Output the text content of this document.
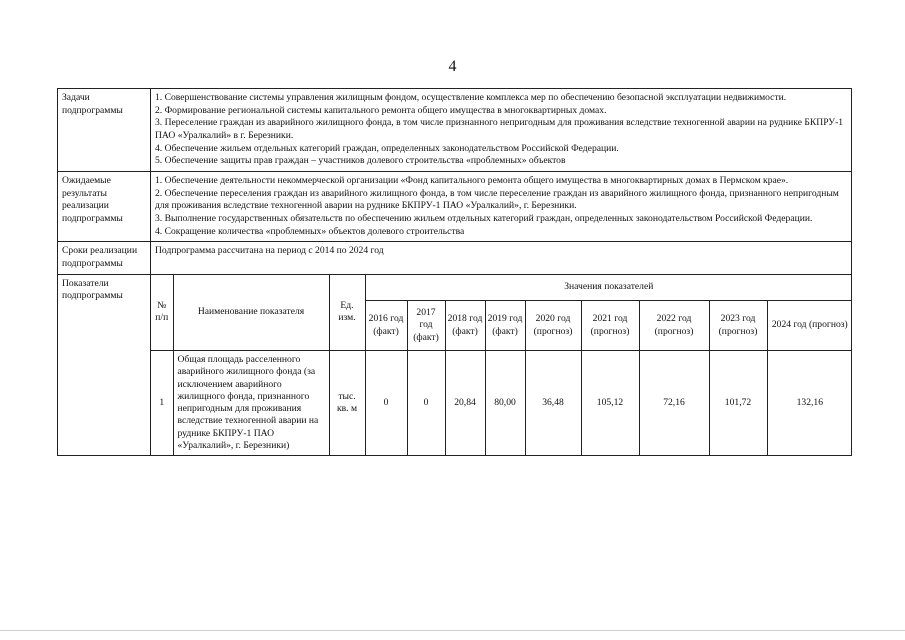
4
Задачи подпрограммы	
1. Совершенствование системы управления жилищным фондом, осуществление комплекса мер по обеспечению безопасной эксплуатации недвижимости.
2. Формирование региональной системы капитального ремонта общего имущества в многоквартирных домах.
3. Переселение граждан из аварийного жилищного фонда, в том числе признанного непригодным для проживания вследствие техногенной аварии на руднике БКПРУ-1 ПАО «Уралкалий» в г. Березники.
4. Обеспечение жильем отдельных категорий граждан, определенных законодательством Российской Федерации.
5. Обеспечение защиты прав граждан – участников долевого строительства «проблемных» объектов

Ожидаемые результаты реализации подпрограммы	
1. Обеспечение деятельности некоммерческой организации «Фонд капитального ремонта общего имущества в многоквартирных домах в Пермском крае».
2. Обеспечение переселения граждан из аварийного жилищного фонда, в том числе переселение граждан из аварийного жилищного фонда, признанного непригодным для проживания вследствие техногенной аварии на руднике БКПРУ-1 ПАО «Уралкалий», г. Березники.
3. Выполнение государственных обязательств по обеспечению жильем отдельных категорий граждан, определенных законодательством Российской Федерации.
4. Сокращение количества «проблемных» объектов долевого строительства

Сроки реализации подпрограммы	Подпрограмма рассчитана на период с 2014 по 2024 год
Показатели подпрограммы	
№ п/п	Наименование показателя	Ед. изм.	Значения показателей
2016 год (факт)	2017 год (факт)	2018 год (факт)	2019 год (факт)	2020 год (прогноз)	2021 год (прогноз)	2022 год (прогноз)	2023 год (прогноз)	2024 год (прогноз)
1	Общая площадь расселенного аварийного жилищного фонда (за исключением аварийного жилищного фонда, признанного непригодным для проживания вследствие техногенной аварии на руднике БКПРУ-1 ПАО «Уралкалий», г. Березники)	тыс. кв. м	0	0	20,84	80,00	36,48	105,12	72,16	101,72	132,16
